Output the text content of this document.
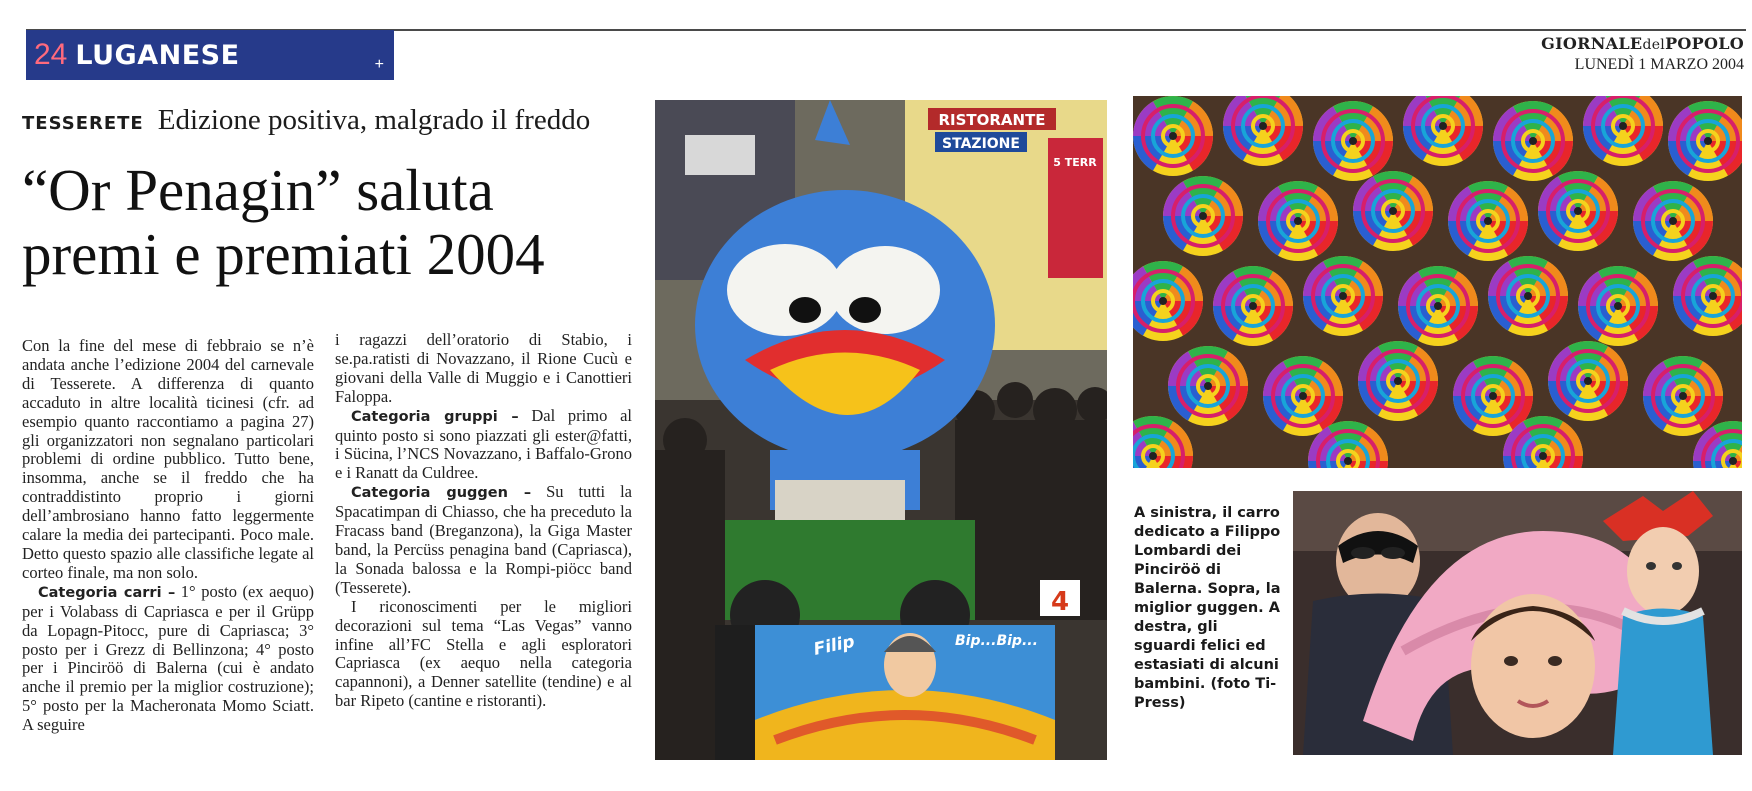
24 LUGANESE	+
GIORNALEdelPOPOLO
LUNEDÌ 1 MARZO 2004
TESSERETE Edizione positiva, malgrado il freddo
“Or Penagin” saluta
premi e premiati 2004

Con la fine del mese di febbraio se n’è andata anche l’edizione 2004 del carnevale di Tesserete. A differenza di quanto accaduto in altre località ticinesi (cfr. ad esempio quanto raccontiamo a pagina 27) gli organizzatori non segnalano particolari problemi di ordine pubblico. Tutto bene, insomma, anche se il freddo che ha contraddistinto proprio i giorni dell’ambrosiano hanno fatto leggermente calare la media dei partecipanti. Poco male. Detto questo spazio alle classifiche legate al corteo finale, ma non solo.

Categoria carri – 1° posto (ex aequo) per i Volabass di Capriasca e per il Grüpp da Lopagn-Pitocc, pure di Capriasca; 3° posto per i Grezz di Bellinzona; 4° posto per i Pinciröö di Balerna (cui è andato anche il premio per la miglior costruzione); 5° posto per la Macheronata Momo Sciatt. A seguire

i ragazzi dell’oratorio di Stabio, i se.pa.ratisti di Novazzano, il Rione Cucù e giovani della Valle di Muggio e i Canottieri Faloppa.

Categoria gruppi – Dal primo al quinto posto si sono piazzati gli ester@fatti, i Sücina, l’NCS Novazzano, i Baffalo-Grono e i Ranatt da Culdree.

Categoria guggen – Su tutti la Spacatimpan di Chiasso, che ha preceduto la Fracass band (Breganzona), la Giga Master band, la Percüss penagina band (Capriasca), la Sonada balossa e la Rompi-piöcc band (Tesserete).

I riconoscimenti per le migliori decorazioni sul tema “Las Vegas” vanno infine all’FC Stella e agli esploratori Capriasca (ex aequo nella categoria capannoni), a Denner satellite (tendine) e al bar Ripeto (cantine e ristoranti).

RISTORANTE
STAZIONE
5 TERR
4
Filip	Bip...Bip...
A sinistra, il carro dedicato a Filippo Lombardi dei Pinciröö di Balerna. Sopra, la miglior guggen. A destra, gli sguardi felici ed estasiati di alcuni bambini. (foto Ti-Press)
